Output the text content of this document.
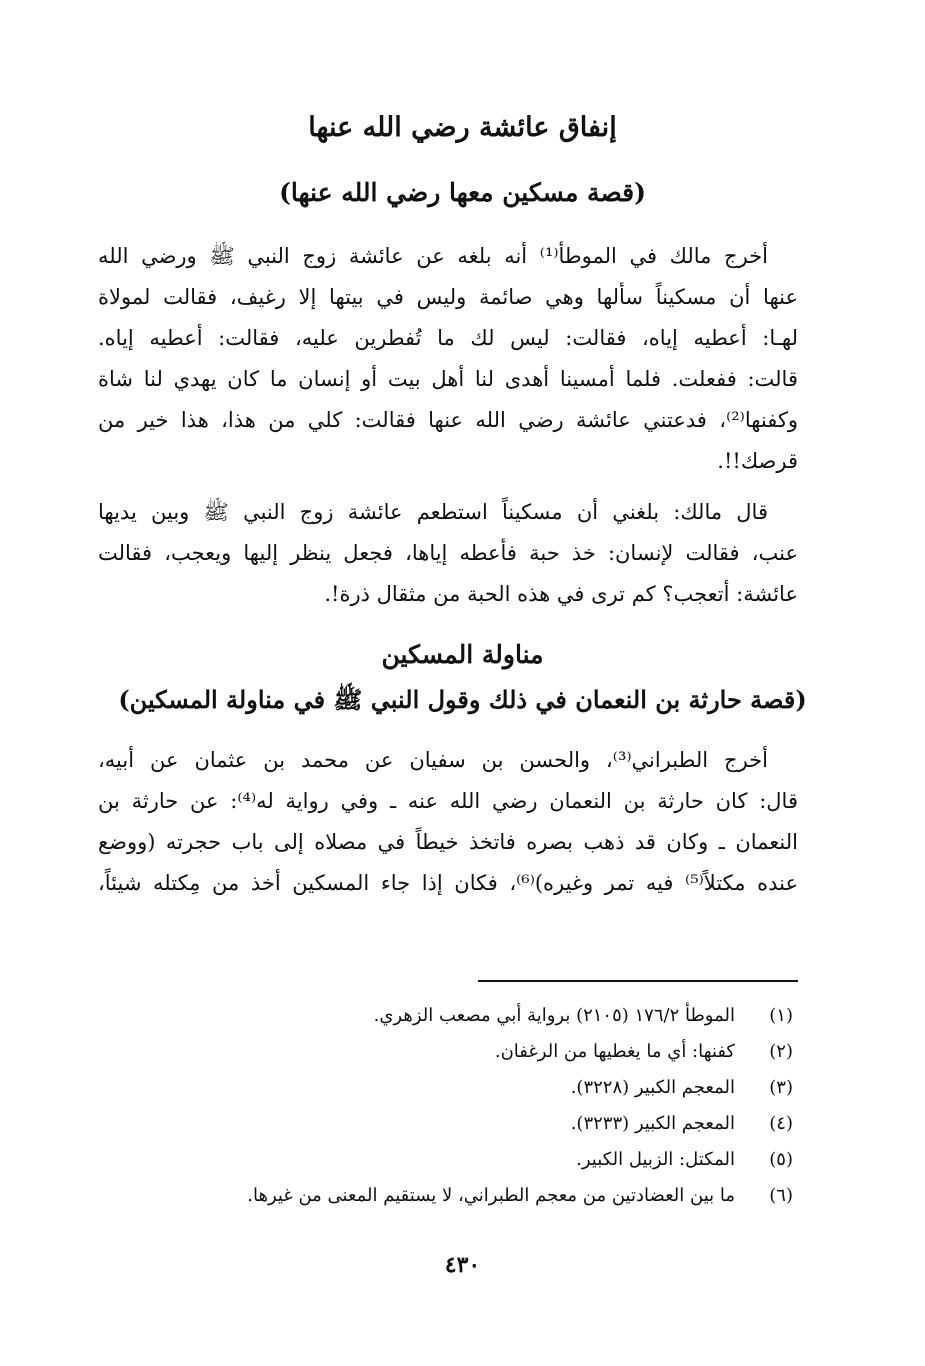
إنفاق عائشة رضي الله عنها
(قصة مسكين معها رضي الله عنها)
أخرج مالك في الموطأ⁽¹⁾ أنه بلغه عن عائشة زوج النبي ﷺ ورضي الله
عنها أن مسكيناً سألها وهي صائمة وليس في بيتها إلا رغيف، فقالت لمولاة
لهـا: أعطيه إياه، فقالت: ليس لك ما تُفطرين عليه، فقالت: أعطيه إياه.
قالت: ففعلت. فلما أمسينا أهدى لنا أهل بيت أو إنسان ما كان يهدي لنا شاة
وكفنها⁽²⁾، فدعتني عائشة رضي الله عنها فقالت: كلي من هذا، هذا خير من
قرصك!!.
قال مالك: بلغني أن مسكيناً استطعم عائشة زوج النبي ﷺ وبين يديها
عنب، فقالت لإنسان: خذ حبة فأعطه إياها، فجعل ينظر إليها ويعجب، فقالت
عائشة: أتعجب؟ كم ترى في هذه الحبة من مثقال ذرة!.
مناولة المسكين
(قصة حارثة بن النعمان في ذلك وقول النبي ﷺ في مناولة المسكين)
أخرج الطبراني⁽³⁾، والحسن بن سفيان عن محمد بن عثمان عن أبيه،
قال: كان حارثة بن النعمان رضي الله عنه ـ وفي رواية له⁽⁴⁾: عن حارثة بن
النعمان ـ وكان قد ذهب بصره فاتخذ خيطاً في مصلاه إلى باب حجرته (ووضع
عنده مكتلاً⁽⁵⁾ فيه تمر وغيره)⁽⁶⁾، فكان إذا جاء المسكين أخذ من مِكتله شيئاً،
(١)
الموطأ ١٧٦/٢ (٢١٠٥) برواية أبي مصعب الزهري.
(٢)
كفنها: أي ما يغطيها من الرغفان.
(٣)
المعجم الكبير (٣٢٢٨).
(٤)
المعجم الكبير (٣٢٣٣).
(٥)
المكتل: الزبيل الكبير.
(٦)
ما بين العضادتين من معجم الطبراني، لا يستقيم المعنى من غيرها.
٤٣٠
